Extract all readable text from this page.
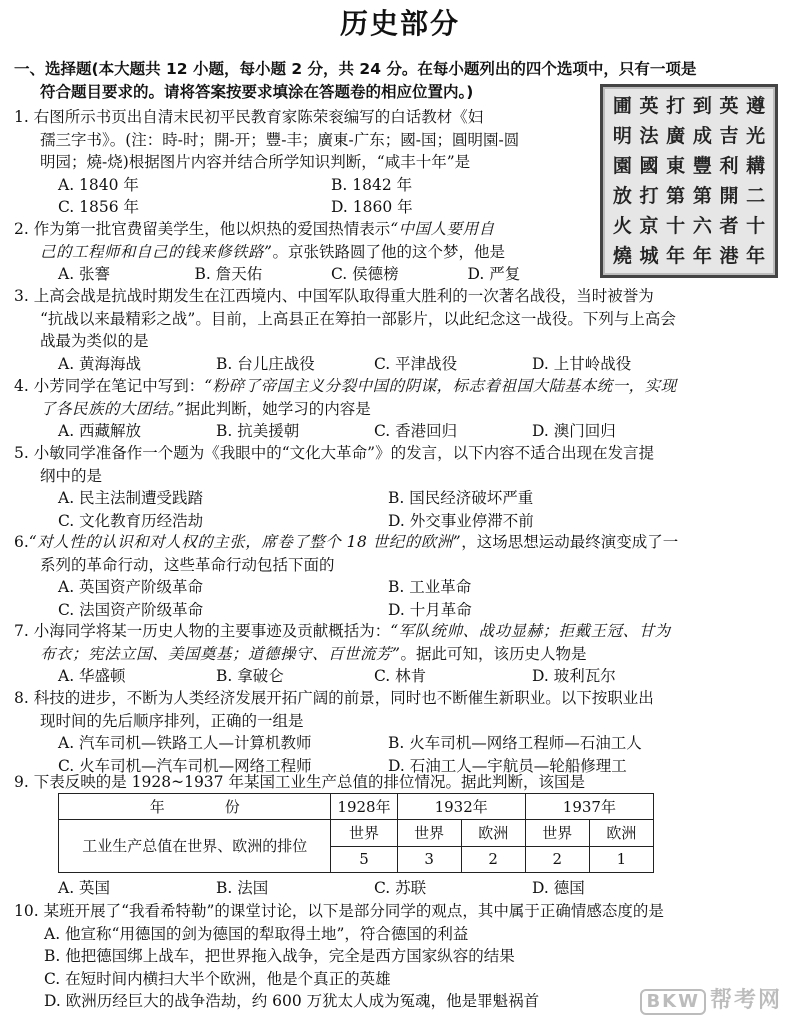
历史部分
一、选择题(本大题共 12 小题，每小题 2 分，共 24 分。在每小题列出的四个选项中，只有一项是
符合题目要求的。请将答案按要求填涂在答题卷的相应位置内。)
圃 英 打 到 英 遵
明 法 廣 成 吉 光
園 國 東 豐 利 耩
放 打 第 第 開 二
火 京 十 六 者 十
燒 城 年 年 港 年
1. 右图所示书页出自清末民初平民教育家陈荣衮编写的白话教材《妇
孺三字书》。(注：時-时；開-开；豐-丰；廣東-广东；國-国；圓明園-圆
明园；燒-烧)根据图片内容并结合所学知识判断，“咸丰十年”是
A. 1840 年	B. 1842 年
C. 1856 年	D. 1860 年
2. 作为第一批官费留美学生，他以炽热的爱国热情表示“中国人要用自
己的工程师和自己的钱来修铁路”。京张铁路圆了他的这个梦，他是
A. 张謇	B. 詹天佑	C. 侯德榜	D. 严复
3. 上高会战是抗战时期发生在江西境内、中国军队取得重大胜利的一次著名战役，当时被誉为
“抗战以来最精彩之战”。目前，上高县正在筹拍一部影片，以此纪念这一战役。下列与上高会
战最为类似的是
A. 黄海海战	B. 台儿庄战役	C. 平津战役	D. 上甘岭战役
4. 小芳同学在笔记中写到：“粉碎了帝国主义分裂中国的阴谋，标志着祖国大陆基本统一，实现
了各民族的大团结。”据此判断，她学习的内容是
A. 西藏解放	B. 抗美援朝	C. 香港回归	D. 澳门回归
5. 小敏同学准备作一个题为《我眼中的“文化大革命”》的发言，以下内容不适合出现在发言提
纲中的是
A. 民主法制遭受践踏	B. 国民经济破坏严重
C. 文化教育历经浩劫	D. 外交事业停滞不前
6.“对人性的认识和对人权的主张，席卷了整个 18 世纪的欧洲”，这场思想运动最终演变成了一
系列的革命行动，这些革命行动包括下面的
A. 英国资产阶级革命	B. 工业革命
C. 法国资产阶级革命	D. 十月革命
7. 小海同学将某一历史人物的主要事迹及贡献概括为：“军队统帅、战功显赫；拒戴王冠、甘为
布衣；宪法立国、美国奠基；道德操守、百世流芳”。据此可知，该历史人物是
A. 华盛顿	B. 拿破仑	C. 林肯	D. 玻利瓦尔
8. 科技的进步，不断为人类经济发展开拓广阔的前景，同时也不断催生新职业。以下按职业出
现时间的先后顺序排列，正确的一组是
A. 汽车司机—铁路工人—计算机教师	B. 火车司机—网络工程师—石油工人
C. 火车司机—汽车司机—网络工程师	D. 石油工人—宇航员—轮船修理工
9. 下表反映的是 1928~1937 年某国工业生产总值的排位情况。据此判断，该国是
年　　　　份	1928年	1932年		1937年	
工业生产总值在世界、欧洲的排位	世界	世界	欧洲	世界	欧洲
	5	3	2	2	1
A. 英国	B. 法国	C. 苏联	D. 德国
10. 某班开展了“我看希特勒”的课堂讨论，以下是部分同学的观点，其中属于正确情感态度的是
A. 他宣称“用德国的剑为德国的犁取得土地”，符合德国的利益
B. 他把德国绑上战车，把世界拖入战争，完全是西方国家纵容的结果
C. 在短时间内横扫大半个欧洲，他是个真正的英雄
D. 欧洲历经巨大的战争浩劫，约 600 万犹太人成为冤魂，他是罪魁祸首	BKW 帮考网
